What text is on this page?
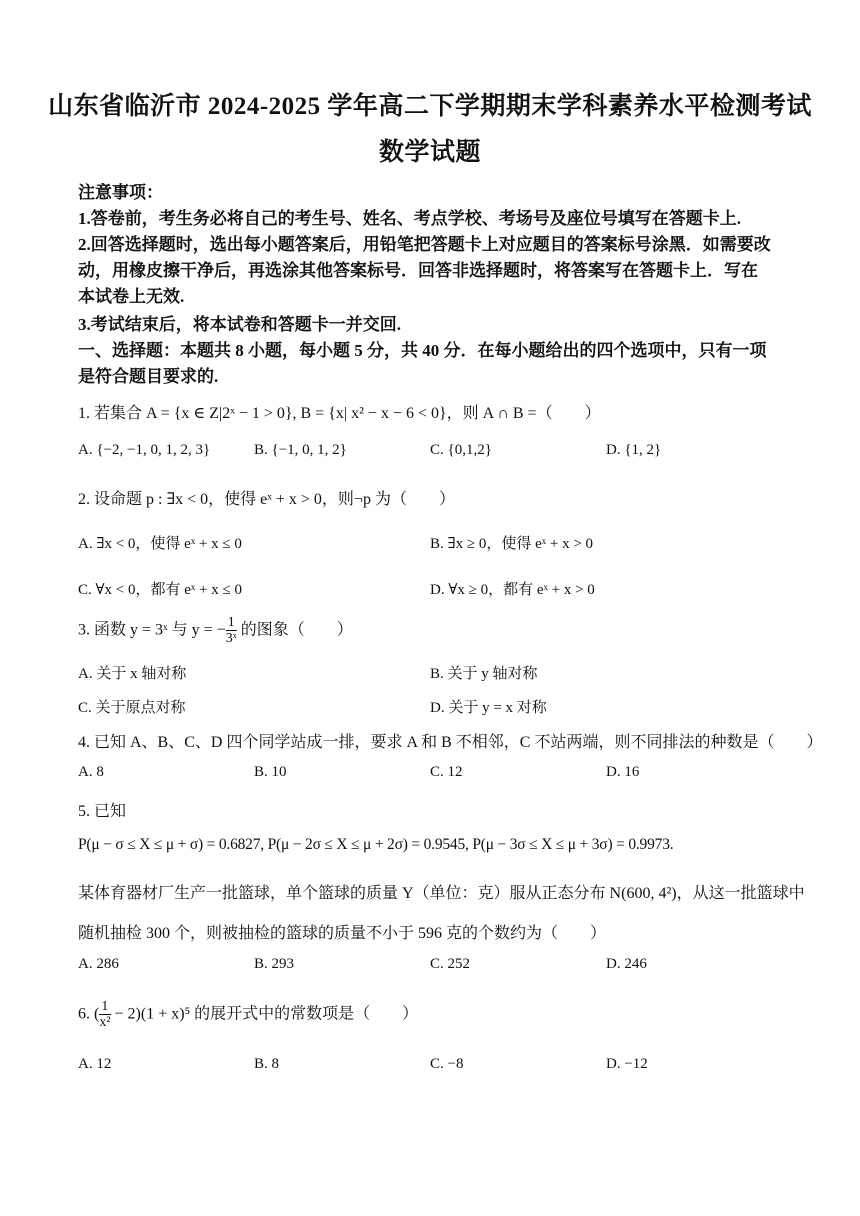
山东省临沂市 2024-2025 学年高二下学期期末学科素养水平检测考试
数学试题
注意事项：
1.答卷前，考生务必将自己的考生号、姓名、考点学校、考场号及座位号填写在答题卡上.
2.回答选择题时，选出每小题答案后，用铅笔把答题卡上对应题目的答案标号涂黑．如需要改
动，用橡皮擦干净后，再选涂其他答案标号．回答非选择题时，将答案写在答题卡上．写在
本试卷上无效.
3.考试结束后，将本试卷和答题卡一并交回.
一、选择题：本题共 8 小题，每小题 5 分，共 40 分．在每小题给出的四个选项中，只有一项
是符合题目要求的.
1. 若集合 A = {x ∈ Z|2ˣ − 1 > 0}, B = {x| x² − x − 6 < 0}，则 A ∩ B =（　　）
A. {−2, −1, 0, 1, 2, 3}	B. {−1, 0, 1, 2}	C. {0,1,2}	D. {1, 2}
2. 设命题 p : ∃x < 0，使得 eˣ + x > 0，则¬p 为（　　）
A. ∃x < 0，使得 eˣ + x ≤ 0	B. ∃x ≥ 0，使得 eˣ + x > 0
C. ∀x < 0，都有 eˣ + x ≤ 0	D. ∀x ≥ 0，都有 eˣ + x > 0
3. 函数 y = 3ˣ 与 y = − $\frac{1}{\text{3ˣ}}$ 的图象（　　）
A. 关于 x 轴对称	B. 关于 y 轴对称
C. 关于原点对称	D. 关于 y = x 对称
4. 已知 A、B、C、D 四个同学站成一排，要求 A 和 B 不相邻，C 不站两端，则不同排法的种数是（　　）
A. 8	B. 10	C. 12	D. 16
5. 已知
P(μ − σ ≤ X ≤ μ + σ) = 0.6827, P(μ − 2σ ≤ X ≤ μ + 2σ) = 0.9545, P(μ − 3σ ≤ X ≤ μ + 3σ) = 0.9973.
某体育器材厂生产一批篮球，单个篮球的质量 Y（单位：克）服从正态分布 N(600, 4²)，从这一批篮球中
随机抽检 300 个，则被抽检的篮球的质量不小于 596 克的个数约为（　　）
A. 286	B. 293	C. 252	D. 246
6. ( $\frac{1}{\text{x²}} - 2)(1 + x)^5$ 的展开式中的常数项是（　　）
A. 12	B. 8	C. −8	D. −12
